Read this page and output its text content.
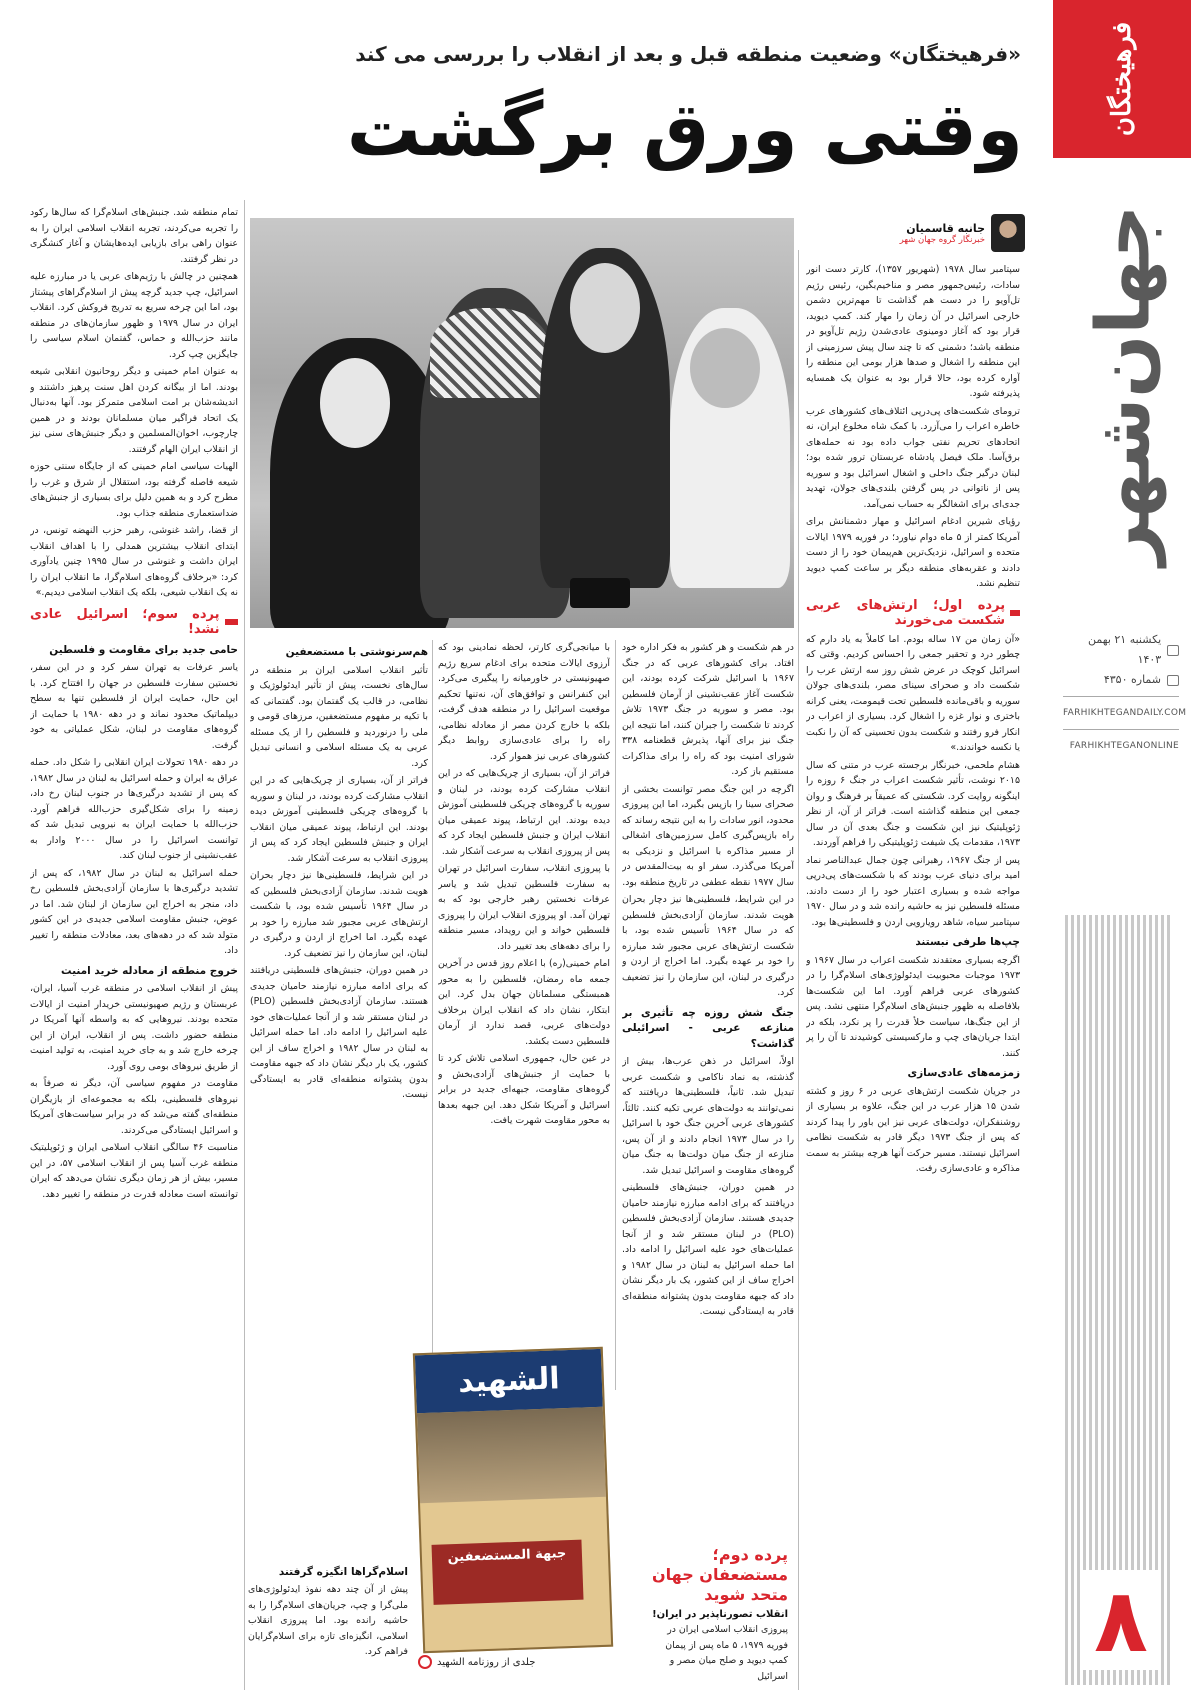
فرهیختگان
جهان‌شهر
یکشنبه ۲۱ بهمن ۱۴۰۳
شماره ۴۳۵۰
FARHIKHTEGANDAILY.COM
FARHIKHTEGANONLINE
۸
«فرهیختگان» وضعیت منطقه قبل و بعد از انقلاب را بررسی می کند
وقتی ورق برگشت
جانبه قاسمیان
خبرنگار گروه جهان شهر

سپتامبر سال ۱۹۷۸ (شهریور ۱۳۵۷)، کارتر دست انور سادات، رئیس‌جمهور مصر و مناخیم‌بگین، رئیس رژیم تل‌آویو را در دست هم گذاشت تا مهم‌ترین دشمن خارجی اسرائیل در آن زمان را مهار کند. کمپ دیوید، قرار بود که آغاز دومینوی عادی‌شدن رژیم تل‌آویو در منطقه باشد؛ دشمنی که تا چند سال پیش سرزمینی از این منطقه را اشغال و صدها هزار بومی این منطقه را آواره کرده بود، حالا قرار بود به عنوان یک همسایه پذیرفته شود.

ترومای شکست‌های پی‌درپی ائتلاف‌های کشورهای عرب خاطره اعراب را می‌آزرد. با کمک شاه مخلوع ایران، نه اتحادهای تحریم نفتی جواب داده بود نه حمله‌های برق‌آسا. ملک فیصل پادشاه عربستان ترور شده بود؛ لبنان درگیر جنگ داخلی و اشغال اسرائیل بود و سوریه پس از ناتوانی در پس گرفتن بلندی‌های جولان، تهدید جدی‌ای برای اشغالگر به حساب نمی‌آمد.

رؤیای شیرین ادغام اسرائیل و مهار دشمنانش برای آمریکا کمتر از ۵ ماه دوام نیاورد؛ در فوریه ۱۹۷۹ ایالات متحده و اسرائیل، نزدیک‌ترین هم‌پیمان خود را از دست دادند و عقربه‌های منطقه دیگر بر ساعت کمپ دیوید تنظیم نشد.

پرده اول؛ ارتش‌های عربی شکست می‌خورند

«آن زمان من ۱۷ ساله بودم. اما کاملاً به یاد دارم که چطور درد و تحقیر جمعی را احساس کردیم. وقتی که اسرائیل کوچک در عرض شش روز سه ارتش عرب را شکست داد و صحرای سینای مصر، بلندی‌های جولان سوریه و باقی‌مانده فلسطین تحت قیمومت، یعنی کرانه باختری و نوار غزه را اشغال کرد. بسیاری از اعراب در انکار فرو رفتند و شکست بدون تحسینی که آن را نکبت یا نکسه خواندند.»

هشام ملحمی، خبرنگار برجسته عرب در متنی که سال ۲۰۱۵ نوشت، تأثیر شکست اعراب در جنگ ۶ روزه را اینگونه روایت کرد. شکستی که عمیقاً بر فرهنگ و روان جمعی این منطقه گذاشته است. فراتر از آن، از نظر ژئوپلیتیک نیز این شکست و جنگ بعدی آن در سال ۱۹۷۳، مقدمات یک شیفت ژئوپلیتیکی را فراهم آوردند.

پس از جنگ ۱۹۶۷، رهبرانی چون جمال عبدالناصر نماد امید برای دنیای عرب بودند که با شکست‌های پی‌درپی مواجه شده و بسیاری اعتبار خود را از دست دادند. مسئله فلسطین نیز به حاشیه رانده شد و در سال ۱۹۷۰ سپتامبر سیاه، شاهد رویارویی اردن و فلسطینی‌ها بود.

چپ‌ها طرفی نبستند

اگرچه بسیاری معتقدند شکست اعراب در سال ۱۹۶۷ و ۱۹۷۳ موجبات محبوبیت ایدئولوژی‌های اسلام‌گرا را در کشورهای عربی فراهم آورد. اما این شکست‌ها بلافاصله به ظهور جنبش‌های اسلام‌گرا منتهی نشد. پس از این جنگ‌ها، سیاست خلأ قدرت را پر نکرد، بلکه در ابتدا جریان‌های چپ و مارکسیستی کوشیدند تا آن را پر کنند.

زمزمه‌های عادی‌سازی

در جریان شکست ارتش‌های عربی در ۶ روز و کشته شدن ۱۵ هزار عرب در این جنگ، علاوه بر بسیاری از روشنفکران، دولت‌های عربی نیز این باور را پیدا کردند که پس از جنگ ۱۹۷۳ دیگر قادر به شکست نظامی اسرائیل نیستند. مسیر حرکت آنها هرچه بیشتر به سمت مذاکره و عادی‌سازی رفت.

در هم شکست و هر کشور به فکر اداره خود افتاد. برای کشورهای عربی که در جنگ ۱۹۶۷ با اسرائیل شرکت کرده بودند، این شکست آغاز عقب‌نشینی از آرمان فلسطین بود. مصر و سوریه در جنگ ۱۹۷۳ تلاش کردند تا شکست را جبران کنند، اما نتیجه این جنگ نیز برای آنها، پذیرش قطعنامه ۳۳۸ شورای امنیت بود که راه را برای مذاکرات مستقیم باز کرد.

اگرچه در این جنگ مصر توانست بخشی از صحرای سینا را بازپس بگیرد، اما این پیروزی محدود، انور سادات را به این نتیجه رساند که راه بازپس‌گیری کامل سرزمین‌های اشغالی از مسیر مذاکره با اسرائیل و نزدیکی به آمریکا می‌گذرد. سفر او به بیت‌المقدس در سال ۱۹۷۷ نقطه عطفی در تاریخ منطقه بود.

در این شرایط، فلسطینی‌ها نیز دچار بحران هویت شدند. سازمان آزادی‌بخش فلسطین که در سال ۱۹۶۴ تأسیس شده بود، با شکست ارتش‌های عربی مجبور شد مبارزه را خود بر عهده بگیرد. اما اخراج از اردن و درگیری در لبنان، این سازمان را نیز تضعیف کرد.

جنگ شش روزه چه تأثیری بر منازعه عربی - اسرائیلی گذاشت؟

اولاً، اسرائیل در ذهن عرب‌ها، بیش از گذشته، به نماد ناکامی و شکست عربی تبدیل شد. ثانیاً، فلسطینی‌ها دریافتند که نمی‌توانند به دولت‌های عربی تکیه کنند. ثالثاً، کشورهای عربی آخرین جنگ خود با اسرائیل را در سال ۱۹۷۳ انجام دادند و از آن پس، منازعه از جنگ میان دولت‌ها به جنگ میان گروه‌های مقاومت و اسرائیل تبدیل شد.

در همین دوران، جنبش‌های فلسطینی دریافتند که برای ادامه مبارزه نیازمند حامیان جدیدی هستند. سازمان آزادی‌بخش فلسطین (PLO) در لبنان مستقر شد و از آنجا عملیات‌های خود علیه اسرائیل را ادامه داد. اما حمله اسرائیل به لبنان در سال ۱۹۸۲ و اخراج ساف از این کشور، یک بار دیگر نشان داد که جبهه مقاومت بدون پشتوانه منطقه‌ای قادر به ایستادگی نیست.

با میانجی‌گری کارتر، لحظه نمادینی بود که آرزوی ایالات متحده برای ادغام سریع رژیم صهیونیستی در خاورمیانه را پیگیری می‌کرد. این کنفرانس و توافق‌های آن، نه‌تنها تحکیم موقعیت اسرائیل را در منطقه هدف گرفت، بلکه با خارج کردن مصر از معادله نظامی، راه را برای عادی‌سازی روابط دیگر کشورهای عربی نیز هموار کرد.

فراتر از آن، بسیاری از چریک‌هایی که در این انقلاب مشارکت کرده بودند، در لبنان و سوریه با گروه‌های چریکی فلسطینی آموزش دیده بودند. این ارتباط، پیوند عمیقی میان انقلاب ایران و جنبش فلسطین ایجاد کرد که پس از پیروزی انقلاب به سرعت آشکار شد.

با پیروزی انقلاب، سفارت اسرائیل در تهران به سفارت فلسطین تبدیل شد و یاسر عرفات نخستین رهبر خارجی بود که به تهران آمد. او پیروزی انقلاب ایران را پیروزی فلسطین خواند و این رویداد، مسیر منطقه را برای دهه‌های بعد تغییر داد.

امام خمینی(ره) با اعلام روز قدس در آخرین جمعه ماه رمضان، فلسطین را به محور همبستگی مسلمانان جهان بدل کرد. این ابتکار، نشان داد که انقلاب ایران برخلاف دولت‌های عربی، قصد ندارد از آرمان فلسطین دست بکشد.

در عین حال، جمهوری اسلامی تلاش کرد تا با حمایت از جنبش‌های آزادی‌بخش و گروه‌های مقاومت، جبهه‌ای جدید در برابر اسرائیل و آمریکا شکل دهد. این جبهه بعدها به محور مقاومت شهرت یافت.

هم‌سرنوشتی با مستضعفین

تأثیر انقلاب اسلامی ایران بر منطقه در سال‌های نخست، پیش از تأثیر ایدئولوژیک و نظامی، در قالب یک گفتمان بود. گفتمانی که با تکیه بر مفهوم مستضعفین، مرزهای قومی و ملی را درنوردید و فلسطین را از یک مسئله عربی به یک مسئله اسلامی و انسانی تبدیل کرد.

فراتر از آن، بسیاری از چریک‌هایی که در این انقلاب مشارکت کرده بودند، در لبنان و سوریه با گروه‌های چریکی فلسطینی آموزش دیده بودند. این ارتباط، پیوند عمیقی میان انقلاب ایران و جنبش فلسطین ایجاد کرد که پس از پیروزی انقلاب به سرعت آشکار شد.

در این شرایط، فلسطینی‌ها نیز دچار بحران هویت شدند. سازمان آزادی‌بخش فلسطین که در سال ۱۹۶۴ تأسیس شده بود، با شکست ارتش‌های عربی مجبور شد مبارزه را خود بر عهده بگیرد. اما اخراج از اردن و درگیری در لبنان، این سازمان را نیز تضعیف کرد.

در همین دوران، جنبش‌های فلسطینی دریافتند که برای ادامه مبارزه نیازمند حامیان جدیدی هستند. سازمان آزادی‌بخش فلسطین (PLO) در لبنان مستقر شد و از آنجا عملیات‌های خود علیه اسرائیل را ادامه داد. اما حمله اسرائیل به لبنان در سال ۱۹۸۲ و اخراج ساف از این کشور، یک بار دیگر نشان داد که جبهه مقاومت بدون پشتوانه منطقه‌ای قادر به ایستادگی نیست.

اسلام‌گراها انگیزه گرفتند
پیش از آن چند دهه نفوذ ایدئولوژی‌های ملی‌گرا و چپ، جریان‌های اسلام‌گرا را به حاشیه رانده بود. اما پیروزی انقلاب اسلامی، انگیزه‌ای تازه برای اسلام‌گرایان فراهم کرد.

تمام منطقه شد. جنبش‌های اسلام‌گرا که سال‌ها رکود را تجربه می‌کردند، تجربه انقلاب اسلامی ایران را به عنوان راهی برای بازیابی ایده‌هایشان و آغاز کنشگری در نظر گرفتند.

همچنین در چالش با رژیم‌های عربی یا در مبارزه علیه اسرائیل، چپ جدید گرچه پیش از اسلام‌گراهای پیشتاز بود، اما این چرخه سریع به تدریج فروکش کرد. انقلاب ایران در سال ۱۹۷۹ و ظهور سازمان‌های در منطقه مانند حزب‌الله و حماس، گفتمان اسلام سیاسی را جایگزین چپ کرد.

به عنوان امام خمینی و دیگر روحانیون انقلابی شیعه بودند. اما از بیگانه کردن اهل سنت پرهیز داشتند و اندیشه‌شان بر امت اسلامی متمرکز بود. آنها به‌دنبال یک اتحاد فراگیر میان مسلمانان بودند و در همین چارچوب، اخوان‌المسلمین و دیگر جنبش‌های سنی نیز از انقلاب ایران الهام گرفتند.

الهیات سیاسی امام خمینی که از جایگاه سنتی حوزه شیعه فاصله گرفته بود، استقلال از شرق و غرب را مطرح کرد و به همین دلیل برای بسیاری از جنبش‌های ضداستعماری منطقه جذاب بود.

از قضا، راشد غنوشی، رهبر حزب النهضه تونس، در ابتدای انقلاب بیشترین همدلی را با اهداف انقلاب ایران داشت و غنوشی در سال ۱۹۹۵ چنین یادآوری کرد: «برخلاف گروه‌های اسلام‌گرا، ما انقلاب ایران را نه یک انقلاب شیعی، بلکه یک انقلاب اسلامی دیدیم.»

پرده سوم؛ اسرائیل عادی نشد!
حامی جدید برای مقاومت و فلسطین

یاسر عرفات به تهران سفر کرد و در این سفر، نخستین سفارت فلسطین در جهان را افتتاح کرد. با این حال، حمایت ایران از فلسطین تنها به سطح دیپلماتیک محدود نماند و در دهه ۱۹۸۰ با حمایت از گروه‌های مقاومت در لبنان، شکل عملیاتی به خود گرفت.

در دهه ۱۹۸۰ تحولات ایران انقلابی را شکل داد. حمله عراق به ایران و حمله اسرائیل به لبنان در سال ۱۹۸۲، که پس از تشدید درگیری‌ها در جنوب لبنان رخ داد، زمینه را برای شکل‌گیری حزب‌الله فراهم آورد. حزب‌الله با حمایت ایران به نیرویی تبدیل شد که توانست اسرائیل را در سال ۲۰۰۰ وادار به عقب‌نشینی از جنوب لبنان کند.

حمله اسرائیل به لبنان در سال ۱۹۸۲، که پس از تشدید درگیری‌ها با سازمان آزادی‌بخش فلسطین رخ داد، منجر به اخراج این سازمان از لبنان شد. اما در عوض، جنبش مقاومت اسلامی جدیدی در این کشور متولد شد که در دهه‌های بعد، معادلات منطقه را تغییر داد.

خروج منطقه از معادله خرید امنیت

پیش از انقلاب اسلامی در منطقه غرب آسیا، ایران، عربستان و رژیم صهیونیستی خریدار امنیت از ایالات متحده بودند. نیروهایی که به واسطه آنها آمریکا در منطقه حضور داشت. پس از انقلاب، ایران از این چرخه خارج شد و به جای خرید امنیت، به تولید امنیت از طریق نیروهای بومی روی آورد.

مقاومت در مفهوم سیاسی آن، دیگر نه صرفاً به نیروهای فلسطینی، بلکه به مجموعه‌ای از بازیگران منطقه‌ای گفته می‌شد که در برابر سیاست‌های آمریکا و اسرائیل ایستادگی می‌کردند.

مناسبت ۴۶ سالگی انقلاب اسلامی ایران و ژئوپلیتیک منطقه غرب آسیا پس از انقلاب اسلامی ۵۷، در این مسیر، بیش از هر زمان دیگری نشان می‌دهد که ایران توانسته است معادله قدرت در منطقه را تغییر دهد.

الشهيد
جبهة المستضعفين
جلدی از روزنامه الشهید
پرده دوم؛ مستضعفان جهان متحد شوید
انقلاب تصورناپذیر در ایران!
پیروزی انقلاب اسلامی ایران در فوریه ۱۹۷۹، ۵ ماه پس از پیمان کمپ دیوید و صلح میان مصر و اسرائیل
